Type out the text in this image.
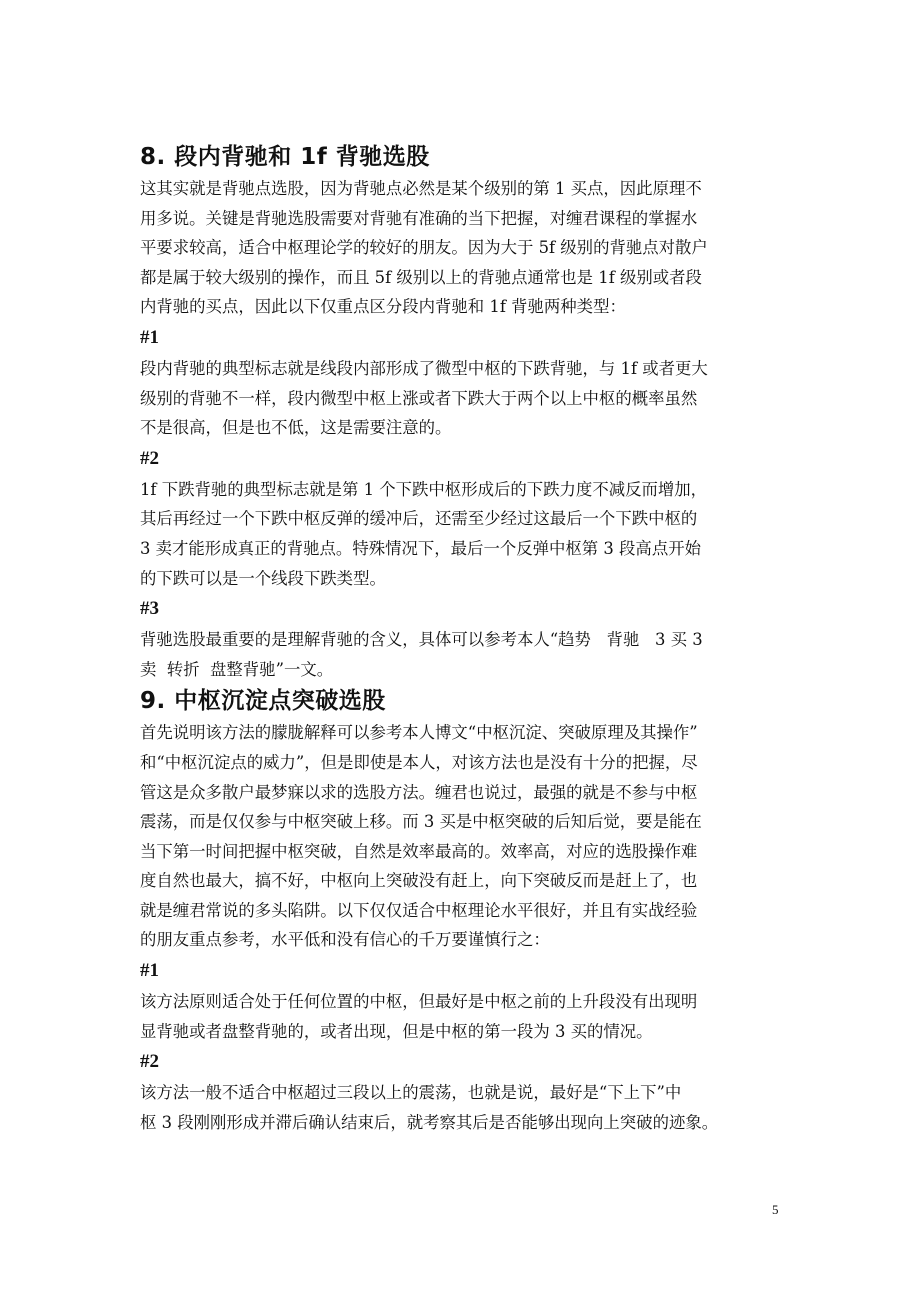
8. 段内背驰和 1f 背驰选股
这其实就是背驰点选股，因为背驰点必然是某个级别的第 1 买点，因此原理不
用多说。关键是背驰选股需要对背驰有准确的当下把握，对缠君课程的掌握水
平要求较高，适合中枢理论学的较好的朋友。因为大于 5f 级别的背驰点对散户
都是属于较大级别的操作，而且 5f 级别以上的背驰点通常也是 1f 级别或者段
内背驰的买点，因此以下仅重点区分段内背驰和 1f 背驰两种类型：
#1
段内背驰的典型标志就是线段内部形成了微型中枢的下跌背驰，与 1f 或者更大
级别的背驰不一样，段内微型中枢上涨或者下跌大于两个以上中枢的概率虽然
不是很高，但是也不低，这是需要注意的。
#2
1f 下跌背驰的典型标志就是第 1 个下跌中枢形成后的下跌力度不减反而增加，
其后再经过一个下跌中枢反弹的缓冲后，还需至少经过这最后一个下跌中枢的
3 卖才能形成真正的背驰点。特殊情况下，最后一个反弹中枢第 3 段高点开始
的下跌可以是一个线段下跌类型。
#3
背驰选股最重要的是理解背驰的含义，具体可以参考本人“趋势   背驰   3 买 3
卖  转折  盘整背驰”一文。
9. 中枢沉淀点突破选股
首先说明该方法的朦胧解释可以参考本人博文“中枢沉淀、突破原理及其操作”
和“中枢沉淀点的威力”，但是即使是本人，对该方法也是没有十分的把握，尽
管这是众多散户最梦寐以求的选股方法。缠君也说过，最强的就是不参与中枢
震荡，而是仅仅参与中枢突破上移。而 3 买是中枢突破的后知后觉，要是能在
当下第一时间把握中枢突破，自然是效率最高的。效率高，对应的选股操作难
度自然也最大，搞不好，中枢向上突破没有赶上，向下突破反而是赶上了，也
就是缠君常说的多头陷阱。以下仅仅适合中枢理论水平很好，并且有实战经验
的朋友重点参考，水平低和没有信心的千万要谨慎行之：
#1
该方法原则适合处于任何位置的中枢，但最好是中枢之前的上升段没有出现明
显背驰或者盘整背驰的，或者出现，但是中枢的第一段为 3 买的情况。
#2
该方法一般不适合中枢超过三段以上的震荡，也就是说，最好是“下上下”中
枢 3 段刚刚形成并滞后确认结束后，就考察其后是否能够出现向上突破的迹象。
5
